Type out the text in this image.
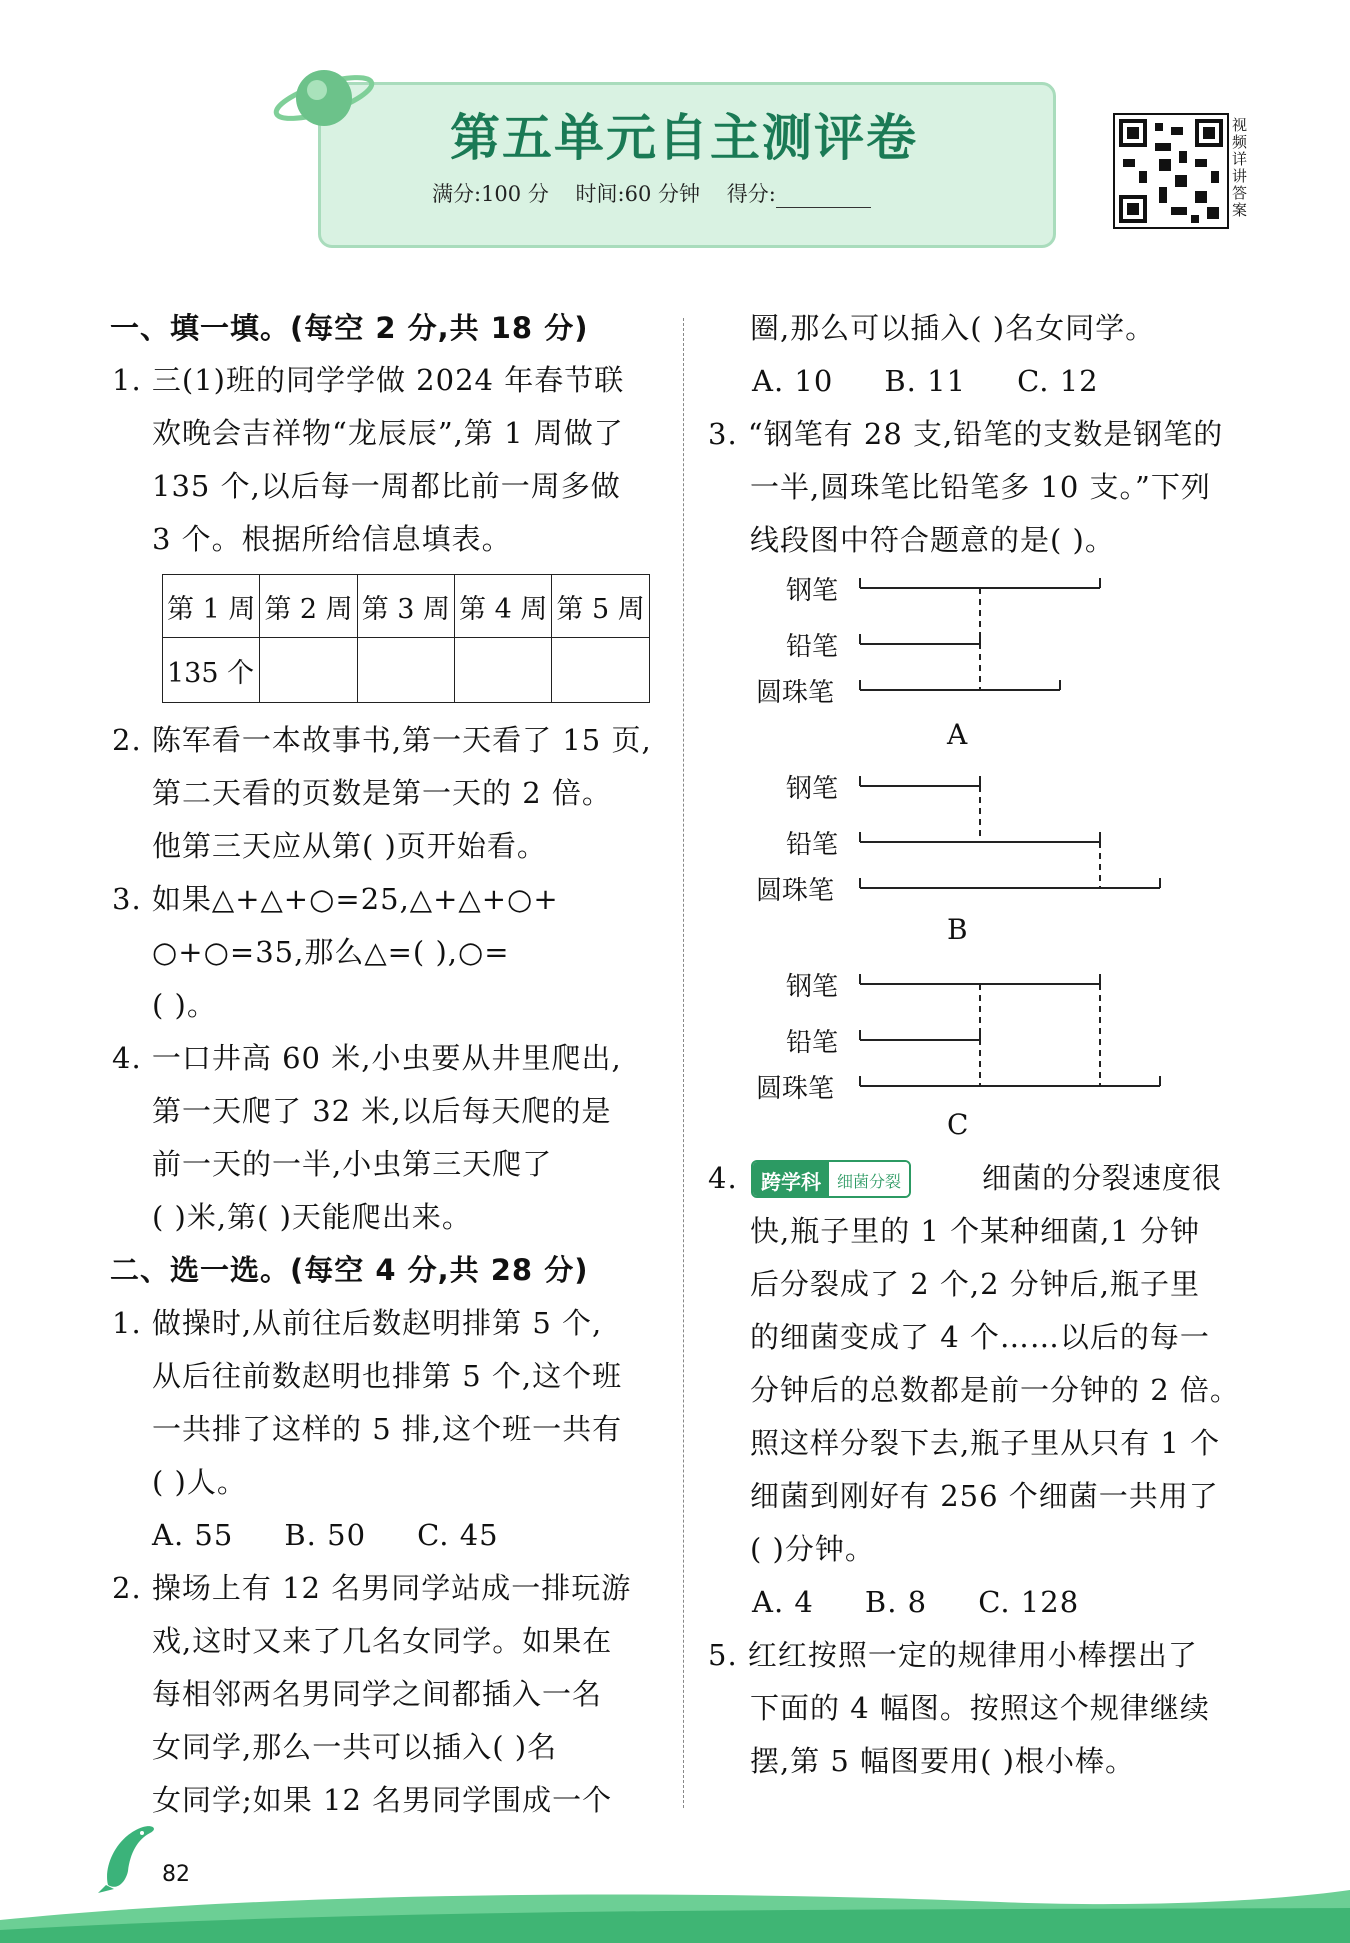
第五单元自主测评卷
满分:100 分 时间:60 分钟 得分:
视频详讲答案
一、填一填。(每空 2 分,共 18 分)
1. 三(1)班的同学学做 2024 年春节联
欢晚会吉祥物“龙辰辰”,第 1 周做了
135 个,以后每一周都比前一周多做
3 个。根据所给信息填表。
第 1 周	第 2 周	第 3 周	第 4 周	第 5 周
135 个				
2. 陈军看一本故事书,第一天看了 15 页,
第二天看的页数是第一天的 2 倍。
他第三天应从第( )页开始看。
3. 如果△+△+○=25,△+△+○+
○+○=35,那么△=( ),○=
( )。
4. 一口井高 60 米,小虫要从井里爬出,
第一天爬了 32 米,以后每天爬的是
前一天的一半,小虫第三天爬了
( )米,第( )天能爬出来。
二、选一选。(每空 4 分,共 28 分)
1. 做操时,从前往后数赵明排第 5 个,
从后往前数赵明也排第 5 个,这个班
一共排了这样的 5 排,这个班一共有
( )人。
A. 55     B. 50     C. 45
2. 操场上有 12 名男同学站成一排玩游
戏,这时又来了几名女同学。如果在
每相邻两名男同学之间都插入一名
女同学,那么一共可以插入( )名
女同学;如果 12 名男同学围成一个
圈,那么可以插入( )名女同学。
A. 10     B. 11     C. 12
3. “钢笔有 28 支,铅笔的支数是钢笔的
一半,圆珠笔比铅笔多 10 支。”下列
线段图中符合题意的是( )。
钢笔
铅笔
圆珠笔
A
钢笔
铅笔
圆珠笔
B
钢笔
铅笔
圆珠笔
C
4.	跨学科	细菌分裂	细菌的分裂速度很
快,瓶子里的 1 个某种细菌,1 分钟
后分裂成了 2 个,2 分钟后,瓶子里
的细菌变成了 4 个……以后的每一
分钟后的总数都是前一分钟的 2 倍。
照这样分裂下去,瓶子里从只有 1 个
细菌到刚好有 256 个细菌一共用了
( )分钟。
A. 4     B. 8     C. 128
5. 红红按照一定的规律用小棒摆出了
下面的 4 幅图。按照这个规律继续
摆,第 5 幅图要用( )根小棒。
82
